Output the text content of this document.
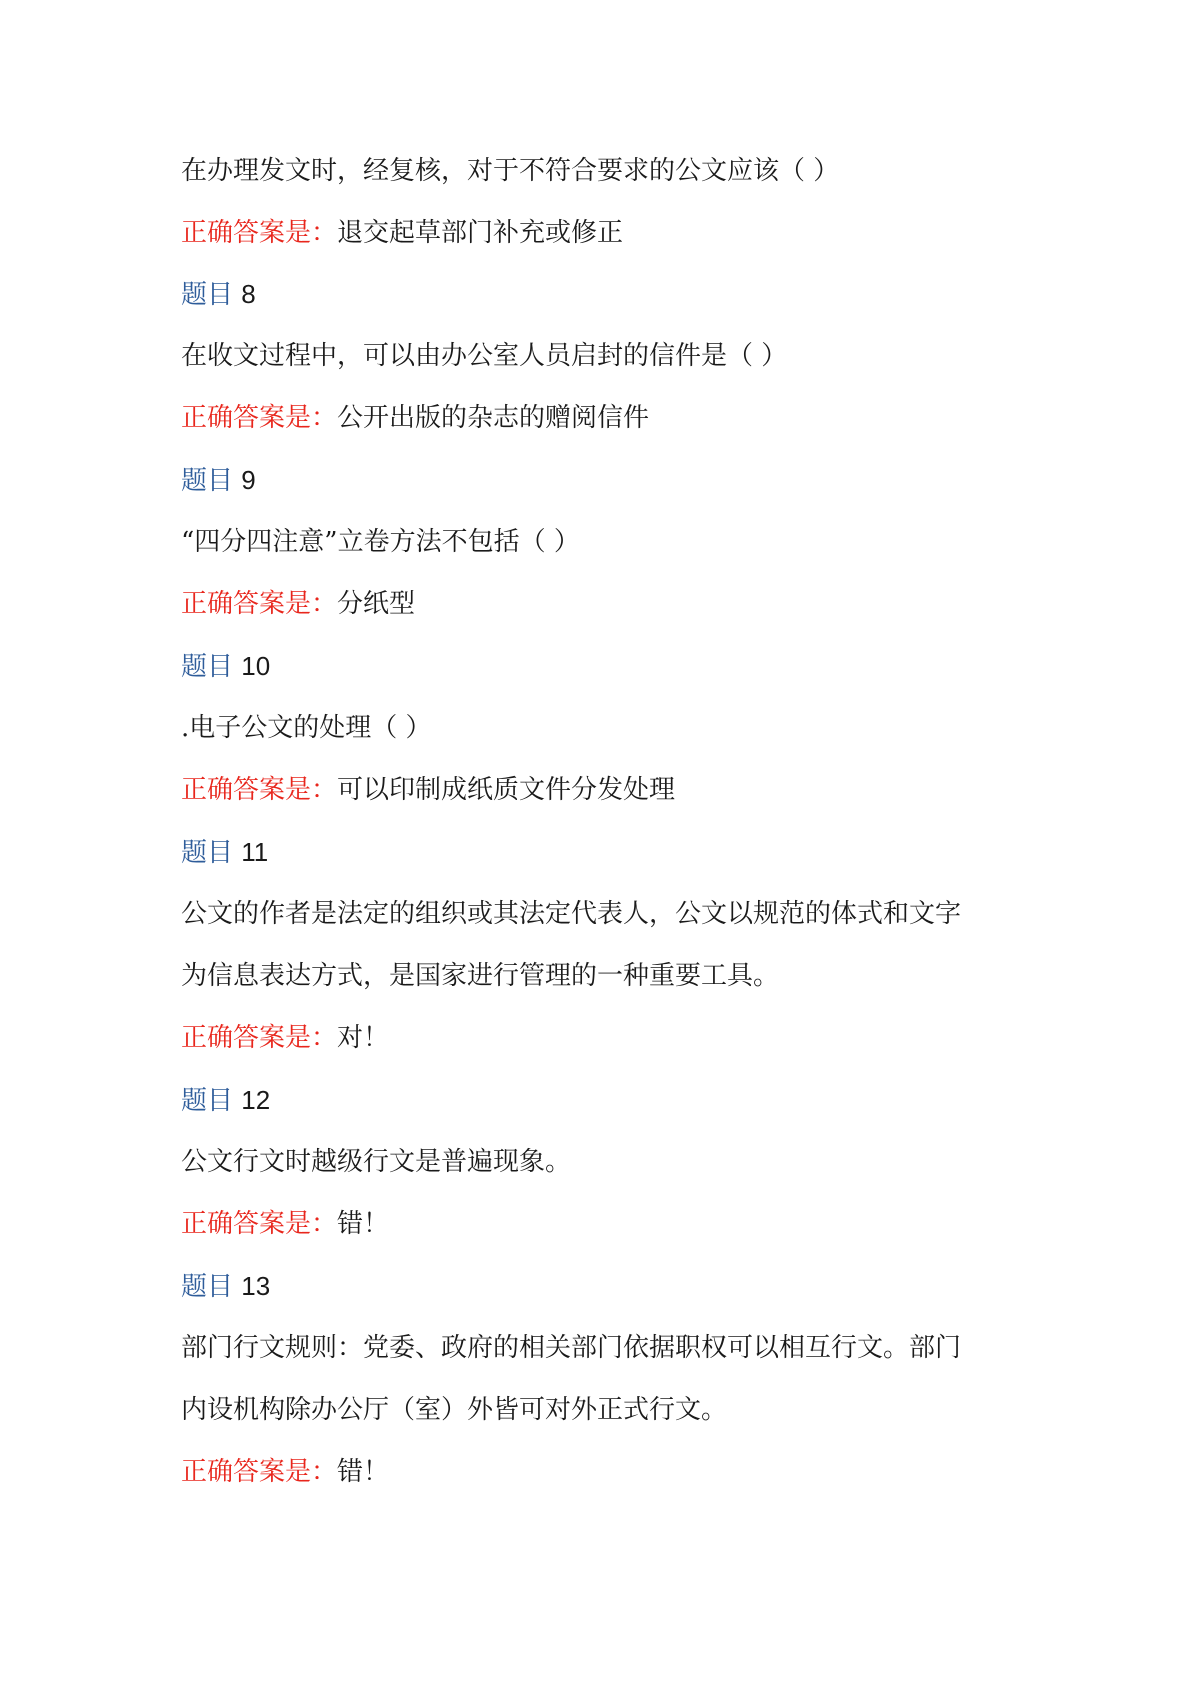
在办理发文时，经复核，对于不符合要求的公文应该（ ）
正确答案是：退交起草部门补充或修正
题目 8
在收文过程中，可以由办公室人员启封的信件是（ ）
正确答案是：公开出版的杂志的赠阅信件
题目 9
“四分四注意”立卷方法不包括（ ）
正确答案是：分纸型
题目 10
.电子公文的处理（ ）
正确答案是：可以印制成纸质文件分发处理
题目 11
公文的作者是法定的组织或其法定代表人，公文以规范的体式和文字
为信息表达方式，是国家进行管理的一种重要工具。
正确答案是：对！
题目 12
公文行文时越级行文是普遍现象。
正确答案是：错！
题目 13
部门行文规则：党委、政府的相关部门依据职权可以相互行文。部门
内设机构除办公厅（室）外皆可对外正式行文。
正确答案是：错！
